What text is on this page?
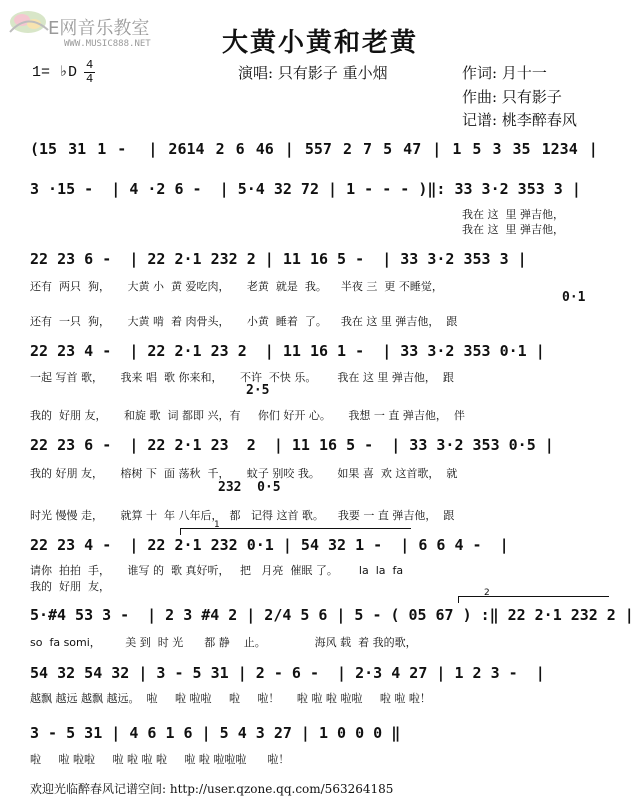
E网音乐教室

WWW.MUSIC888.NET	大黄小黄和老黄
1= ♭D 4
4	演唱: 只有影子 重小烟	作词: 月十一
作曲: 只有影子
记谱: 桃李醉春风
(15 31 1 -  | 2614 2 6 46 | 557 2 7 5 47 | 1 5 3 35 1234 |
3 ·15 -  | 4 ·2 6 -  | 5·4 32 72 | 1 - - - )‖: 33 3·2 353 3 |
我在 这  里 弹吉他，
我在 这  里 弹吉他，
22 23 6 -  | 22 2·1 232 2 | 11 16 5 -  | 33 3·2 353 3 |
还有  两只  狗，     大黄 小  黄 爱吃肉，     老黄  就是  我。    半夜 三  更 不睡觉，
还有  一只  狗，     大黄 啃  着 肉骨头，     小黄  睡着  了。    我在 这 里 弹吉他，  跟
0·1
22 23 4 -  | 22 2·1 23 2  | 11 16 1 -  | 33 3·2 353 0·1 |
一起 写首 歌，     我来 唱  歌 你来和，     不许  不快 乐。      我在 这 里 弹吉他，  跟
我的  好朋 友，     和旋 歌  词 都即 兴，有     你们 好开 心。     我想 一 直 弹吉他，  伴
2·5
22 23 6 -  | 22 2·1 23  2  | 11 16 5 -  | 33 3·2 353 0·5 |
我的 好朋 友，     榕树 下  面 荡秋  千，     蚊子 别咬 我。     如果 喜  欢 这首歌，  就
时光 慢慢 走，     就算 十  年 八年后，  都   记得 这首 歌。    我要 一 直 弹吉他，  跟
232  0·5
22 23 4 -  | 22 2·1 232 0·1 | 54 32 1 -  | 6 6 4 -  |
请你  拍拍  手，     谁写 的  歌 真好听，   把   月亮  催眠 了。      la  la  fa
我的  好朋  友，
1
5·#4 53 3 -  | 2 3 #4 2 | 2/4 5 6 | 5 - ( 05 67 ) :‖ 22 2·1 232 2 |
so  fa somi，       美 到  时 光      都 静    止。              海风 载  着 我的歌，
2
54 32 54 32 | 3 - 5 31 | 2 - 6 -  | 2·3 4 27 | 1 2 3 -  |
越飘 越远 越飘 越远。  啦     啦 啦啦     啦     啦！     啦 啦 啦 啦啦     啦 啦 啦！
3 - 5 31 | 4 6 1 6 | 5 4 3 27 | 1 0 0 0 ‖
啦     啦 啦啦     啦 啦 啦 啦     啦 啦 啦啦啦      啦！
欢迎光临醉春风记谱空间: http://user.qzone.qq.com/563264185
